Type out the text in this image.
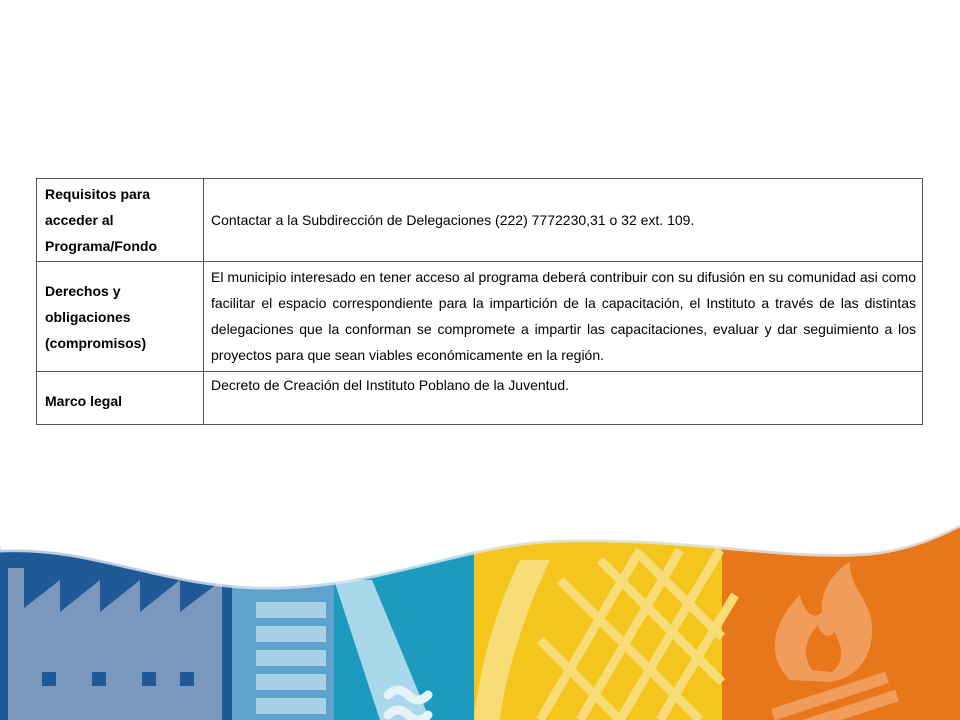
Requisitos para acceder al Programa/Fondo	Contactar a la Subdirección de Delegaciones (222) 7772230,31 o 32 ext. 109.
Derechos y obligaciones (compromisos)	El municipio interesado en tener acceso al programa deberá contribuir con su difusión en su comunidad asi como facilitar el espacio correspondiente para la impartición de la capacitación, el Instituto a través de las distintas delegaciones que la conforman se compromete a impartir las capacitaciones, evaluar y dar seguimiento a los proyectos para que sean viables económicamente en la región.
Marco legal	Decreto de Creación del Instituto Poblano de la Juventud.
